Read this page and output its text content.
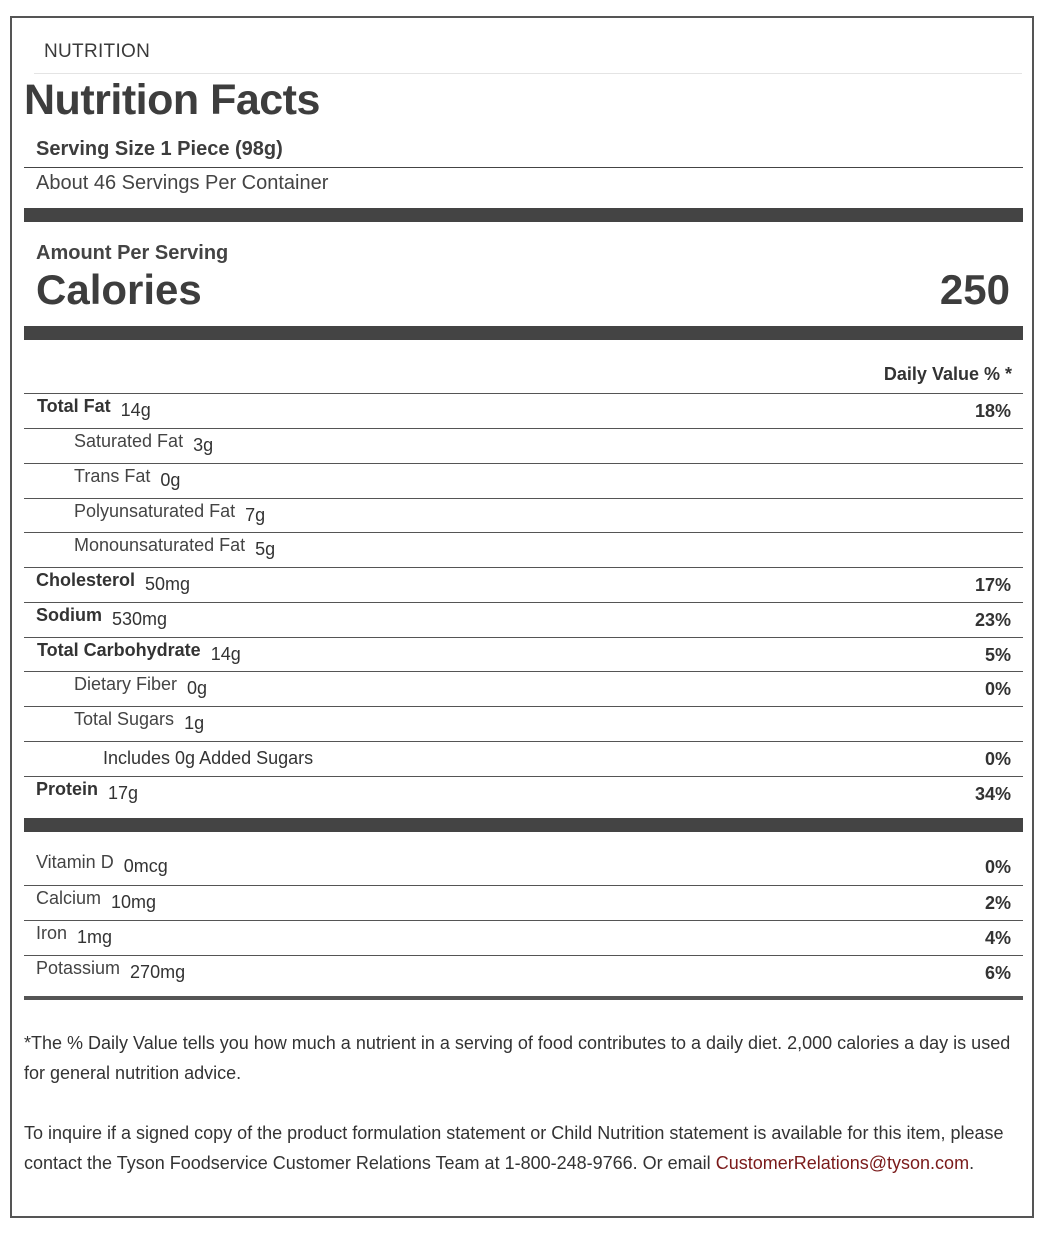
NUTRITION
Nutrition Facts
Serving Size 1 Piece (98g)
About 46 Servings Per Container
Amount Per Serving
Calories	250
Daily Value % *
Total Fat 14g	18%
Saturated Fat 3g
Trans Fat 0g
Polyunsaturated Fat 7g
Monounsaturated Fat 5g
Cholesterol 50mg	17%
Sodium 530mg	23%
Total Carbohydrate 14g	5%
Dietary Fiber 0g	0%
Total Sugars 1g
Includes 0g Added Sugars	0%
Protein 17g	34%
Vitamin D 0mcg	0%
Calcium 10mg	2%
Iron 1mg	4%
Potassium 270mg	6%
*The % Daily Value tells you how much a nutrient in a serving of food contributes to a daily diet. 2,000 calories a day is used for general nutrition advice.
To inquire if a signed copy of the product formulation statement or Child Nutrition statement is available for this item, please contact the Tyson Foodservice Customer Relations Team at 1-800-248-9766. Or email CustomerRelations@tyson.com.
